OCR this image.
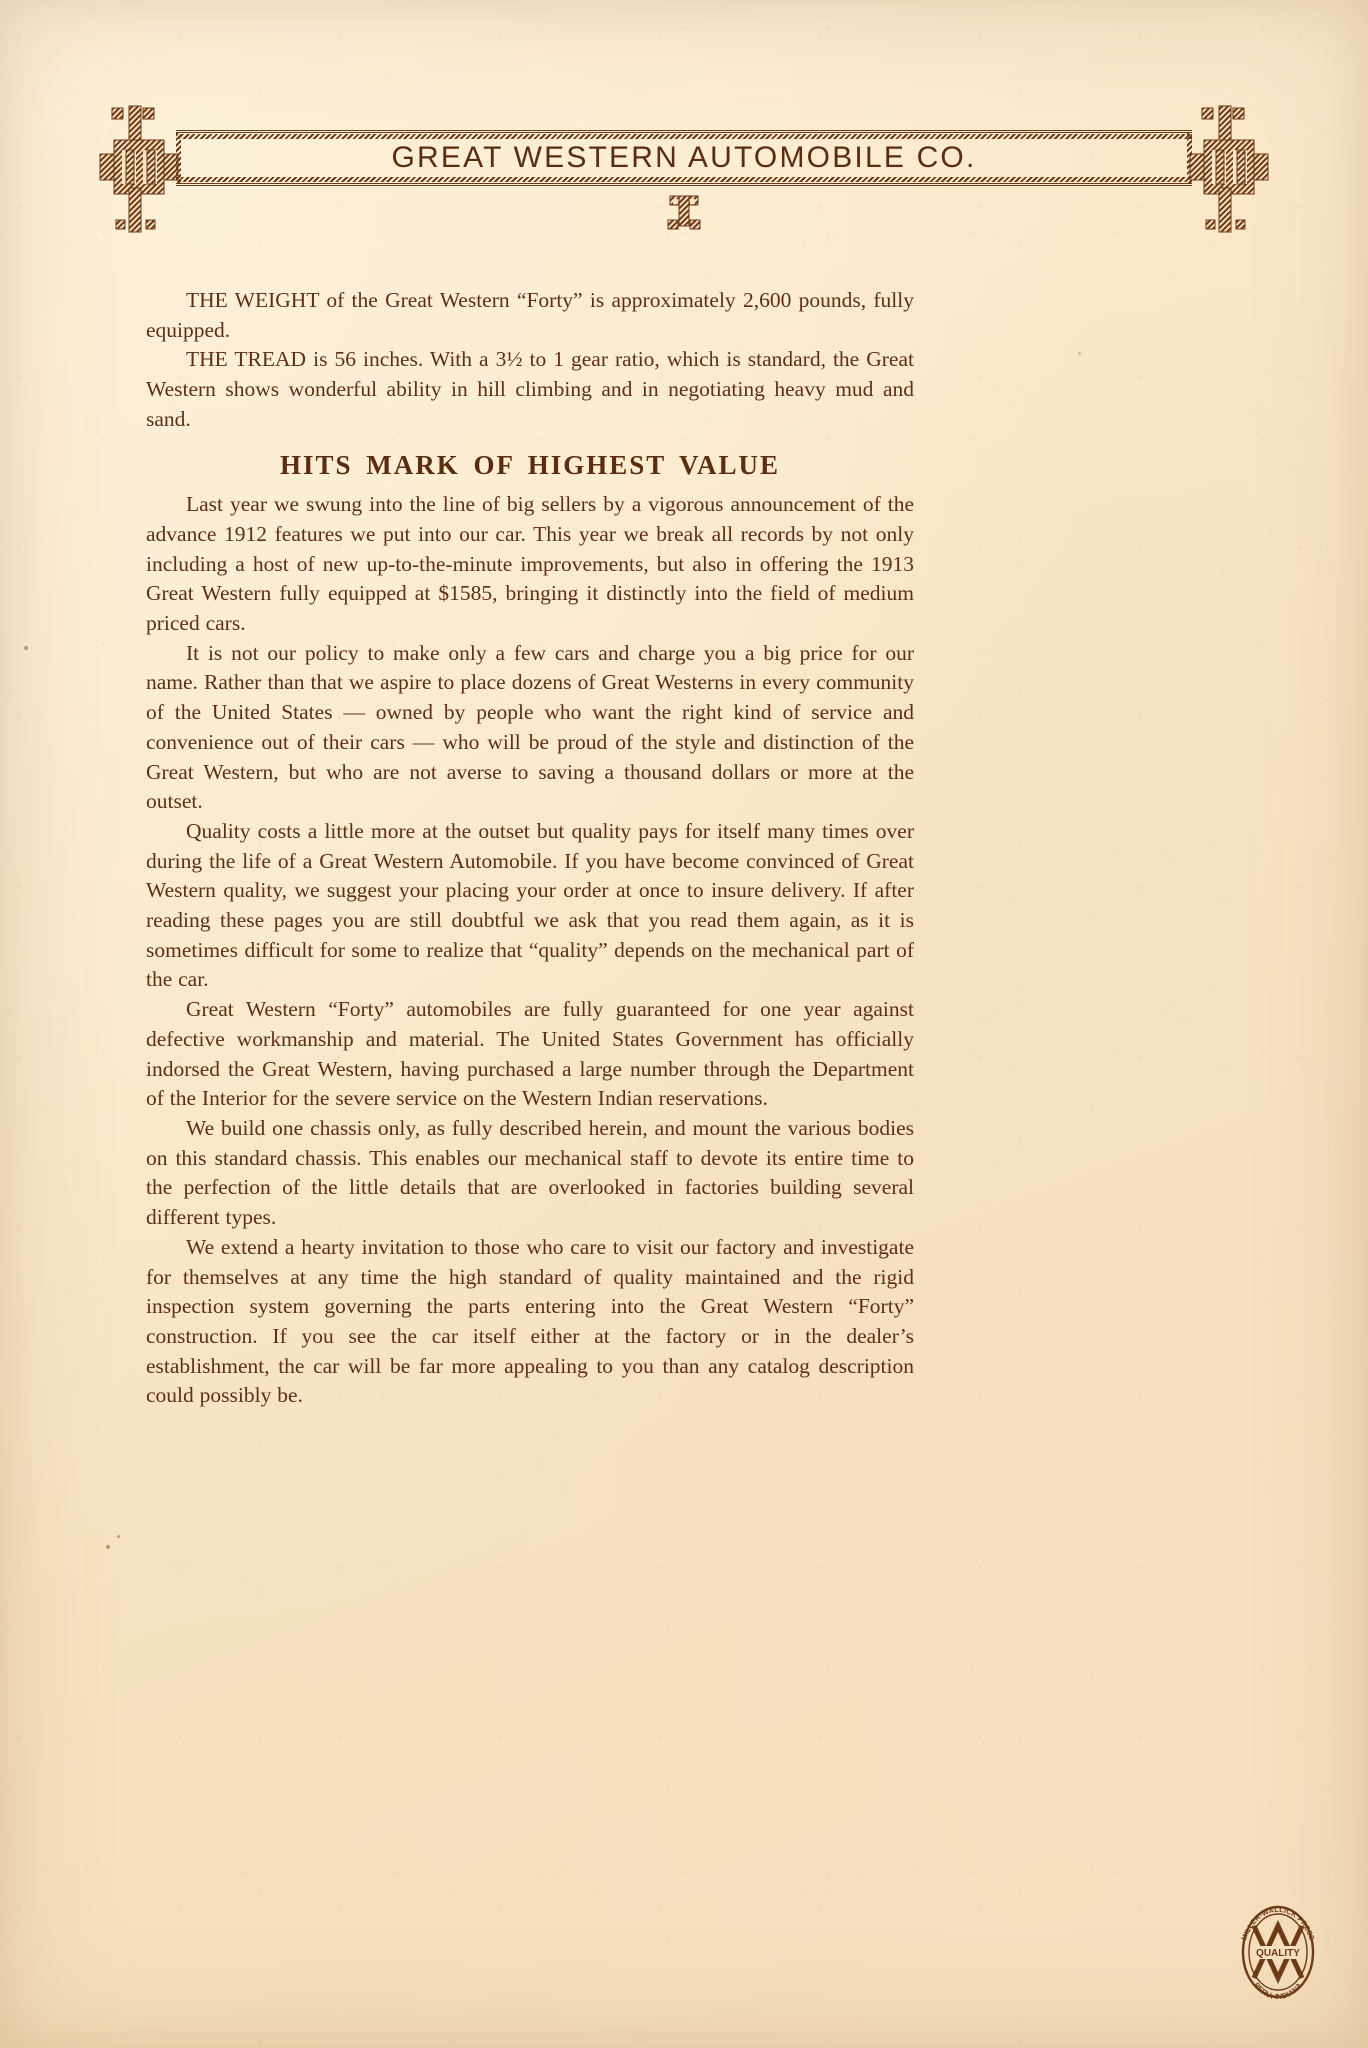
GREAT WESTERN AUTOMOBILE CO.

THE WEIGHT of the Great Western “Forty” is approximately 2,600 pounds, fully equipped.

THE TREAD is 56 inches. With a 3½ to 1 gear ratio, which is standard, the Great Western shows wonderful ability in hill climbing and in negotiating heavy mud and sand.

HITS MARK OF HIGHEST VALUE

Last year we swung into the line of big sellers by a vigorous announcement of the advance 1912 features we put into our car. This year we break all records by not only including a host of new up-to-the-minute improvements, but also in offering the 1913 Great Western fully equipped at $1585, bringing it distinctly into the field of medium priced cars.

It is not our policy to make only a few cars and charge you a big price for our name. Rather than that we aspire to place dozens of Great Westerns in every community of the United States — owned by people who want the right kind of service and convenience out of their cars — who will be proud of the style and distinction of the Great Western, but who are not averse to saving a thousand dollars or more at the outset.

Quality costs a little more at the outset but quality pays for itself many times over during the life of a Great Western Automobile. If you have become convinced of Great Western quality, we suggest your placing your order at once to insure delivery. If after reading these pages you are still doubtful we ask that you read them again, as it is sometimes difficult for some to realize that “quality” depends on the mechanical part of the car.

Great Western “Forty” automobiles are fully guaranteed for one year against defective workmanship and material. The United States Government has officially indorsed the Great Western, having purchased a large number through the Department of the Interior for the severe service on the Western Indian reservations.

We build one chassis only, as fully described herein, and mount the various bodies on this standard chassis. This enables our mechanical staff to devote its entire time to the perfection of the little details that are overlooked in factories building several different types.

We extend a hearty invitation to those who care to visit our factory and investigate for themselves at any time the high standard of quality maintained and the rigid inspection system governing the parts entering into the Great Western “Forty” construction. If you see the car itself either at the factory or in the dealer’s establishment, the car will be far more appealing to you than any catalog description could possibly be.

QUALITY
MILLER-WALLICK PRESS
PERU, INDIANA
